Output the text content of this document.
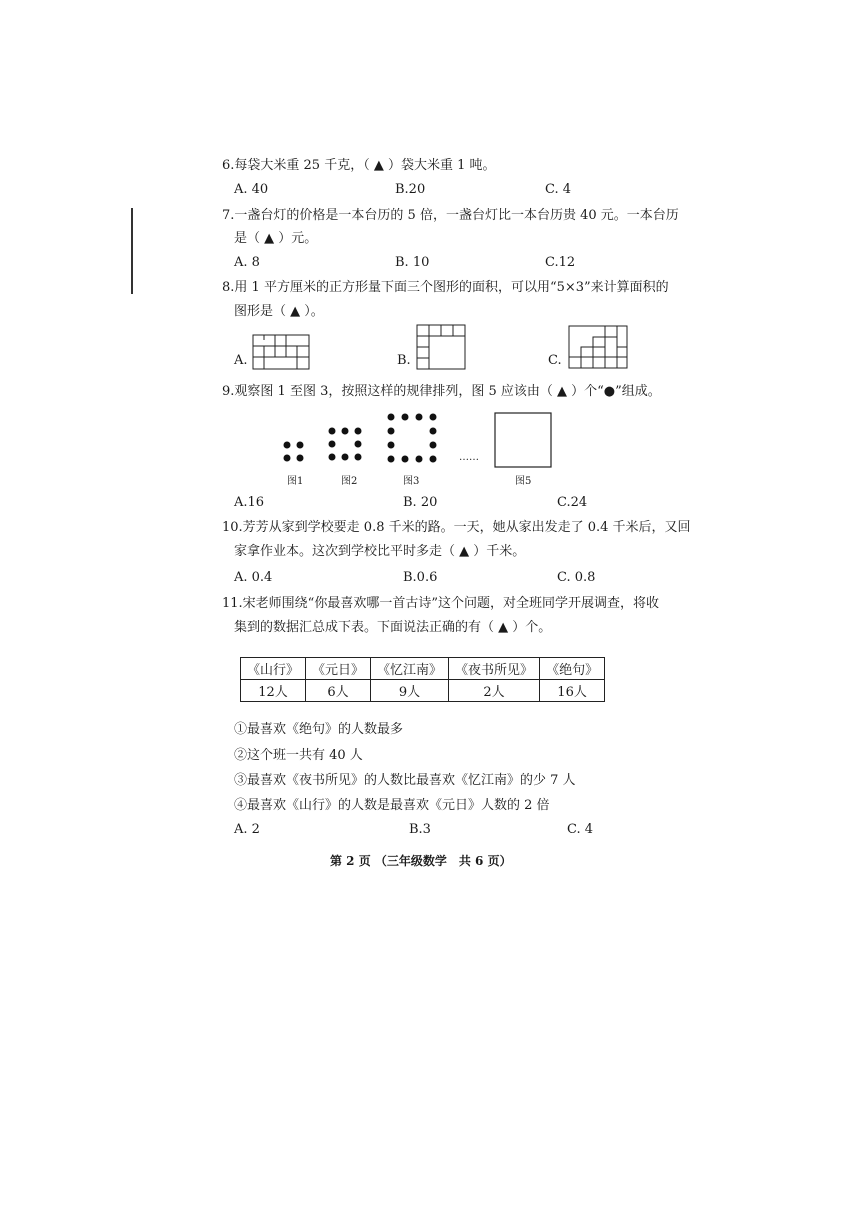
6.每袋大米重 25 千克，（ ▲ ）袋大米重 1 吨。
A. 40	B.20	C. 4
7.一盏台灯的价格是一本台历的 5 倍，一盏台灯比一本台历贵 40 元。一本台历
是（ ▲ ）元。
A. 8	B. 10	C.12
8.用 1 平方厘米的正方形量下面三个图形的面积，可以用“5×3”来计算面积的
图形是（ ▲ ）。
A.	B.	C.
9.观察图 1 至图 3，按照这样的规律排列，图 5 应该由（ ▲ ）个“●”组成。
……
图1	图2	图3	图5
A.16	B. 20	C.24
10.芳芳从家到学校要走 0.8 千米的路。一天，她从家出发走了 0.4 千米后，又回
家拿作业本。这次到学校比平时多走（ ▲ ）千米。
A. 0.4	B.0.6	C. 0.8
11.宋老师围绕“你最喜欢哪一首古诗”这个问题，对全班同学开展调查，将收
集到的数据汇总成下表。下面说法正确的有（ ▲ ）个。
《山行》	《元日》	《忆江南》	《夜书所见》	《绝句》
12人	6人	9人	2人	16人
①最喜欢《绝句》的人数最多
②这个班一共有 40 人
③最喜欢《夜书所见》的人数比最喜欢《忆江南》的少 7 人
④最喜欢《山行》的人数是最喜欢《元日》人数的 2 倍
A. 2	B.3	C. 4
第 2 页 （三年级数学　共 6 页）
